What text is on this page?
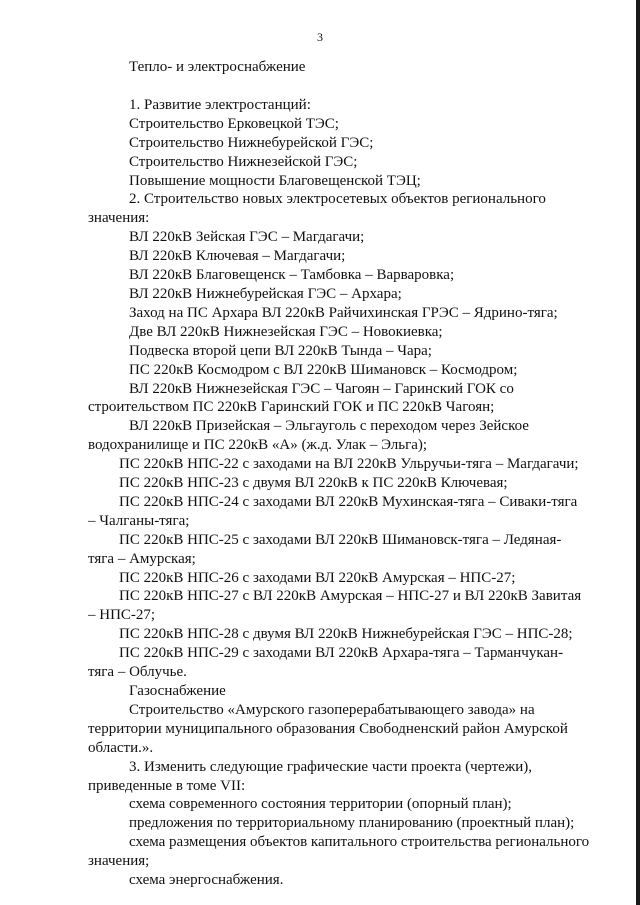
3
Тепло- и электроснабжение
1. Развитие электростанций:
Строительство Ерковецкой ТЭС;
Строительство Нижнебурейской ГЭС;
Строительство Нижнезейской ГЭС;
Повышение мощности Благовещенской ТЭЦ;
2. Строительство новых электросетевых объектов регионального
значения:
ВЛ 220кВ Зейская ГЭС – Магдагачи;
ВЛ 220кВ Ключевая – Магдагачи;
ВЛ 220кВ Благовещенск – Тамбовка – Варваровка;
ВЛ 220кВ Нижнебурейская ГЭС – Архара;
Заход на ПС Архара ВЛ 220кВ Райчихинская ГРЭС – Ядрино-тяга;
Две ВЛ 220кВ Нижнезейская ГЭС – Новокиевка;
Подвеска второй цепи ВЛ 220кВ Тында – Чара;
ПС 220кВ Космодром с ВЛ 220кВ Шимановск – Космодром;
ВЛ 220кВ Нижнезейская ГЭС – Чагоян – Гаринский ГОК со
строительством ПС 220кВ Гаринский ГОК и ПС 220кВ Чагоян;
ВЛ 220кВ Призейская – Эльгауголь с переходом через Зейское
водохранилище и ПС 220кВ «А» (ж.д. Улак – Эльга);
ПС 220кВ НПС-22 с заходами на ВЛ 220кВ Ульручьи-тяга – Магдагачи;
ПС 220кВ НПС-23 с двумя ВЛ 220кВ к ПС 220кВ Ключевая;
ПС 220кВ НПС-24 с заходами ВЛ 220кВ Мухинская-тяга – Сиваки-тяга
– Чалганы-тяга;
ПС 220кВ НПС-25 с заходами ВЛ 220кВ Шимановск-тяга – Ледяная-
тяга – Амурская;
ПС 220кВ НПС-26 с заходами ВЛ 220кВ Амурская – НПС-27;
ПС 220кВ НПС-27 с ВЛ 220кВ Амурская – НПС-27 и ВЛ 220кВ Завитая
– НПС-27;
ПС 220кВ НПС-28 с двумя ВЛ 220кВ Нижнебурейская ГЭС – НПС-28;
ПС 220кВ НПС-29 с заходами ВЛ 220кВ Архара-тяга – Тарманчукан-
тяга – Облучье.
Газоснабжение
Строительство «Амурского газоперерабатывающего завода» на
территории муниципального образования Свободненский район Амурской
области.».
3. Изменить следующие графические части проекта (чертежи),
приведенные в томе VII:
схема современного состояния территории (опорный план);
предложения по территориальному планированию (проектный план);
схема размещения объектов капитального строительства регионального
значения;
схема энергоснабжения.
